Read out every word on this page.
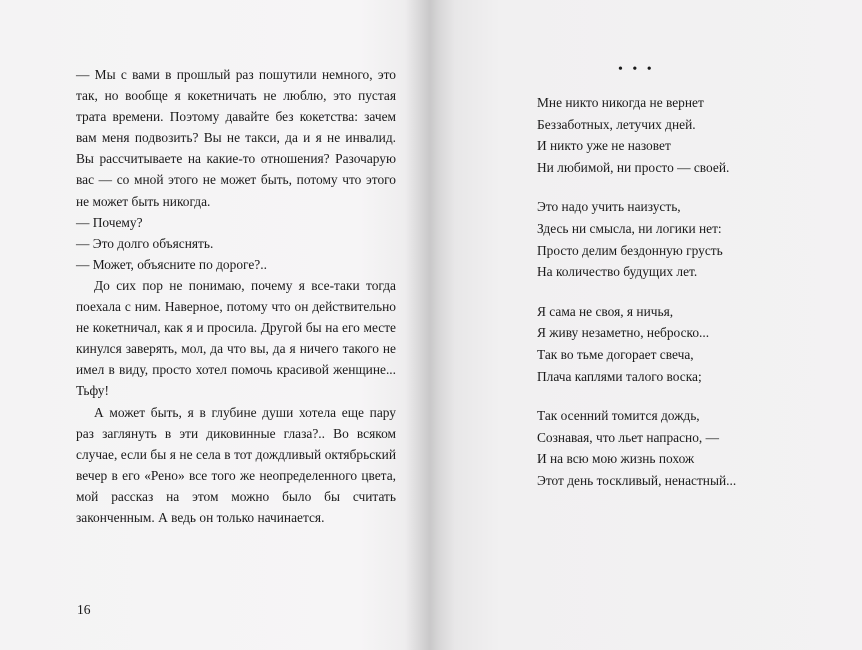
— Мы с вами в прошлый раз пошутили немного, это так, но вообще я кокетничать не люблю, это пустая трата времени. Поэтому давайте без кокетства: зачем вам меня подвозить? Вы не такси, да и я не инвалид. Вы рассчитываете на какие-то отношения? Разочарую вас — со мной этого не может быть, потому что этого не может быть никогда.

— Почему?

— Это долго объяснять.

— Может, объясните по дороге?..

До сих пор не понимаю, почему я все-таки тогда поехала с ним. Наверное, потому что он действительно не кокетничал, как я и просила. Другой бы на его месте кинулся заверять, мол, да что вы, да я ничего такого не имел в виду, просто хотел помочь красивой женщине... Тьфу!

А может быть, я в глубине души хотела еще пару раз заглянуть в эти диковинные глаза?.. Во всяком случае, если бы я не села в тот дождливый октябрьский вечер в его «Рено» все того же неопределенного цвета, мой рассказ на этом можно было бы считать законченным. А ведь он только начинается.

16

• • •

Мне никто никогда не вернет

Беззаботных, летучих дней.

И никто уже не назовет

Ни любимой, ни просто — своей.

Это надо учить наизусть,

Здесь ни смысла, ни логики нет:

Просто делим бездонную грусть

На количество будущих лет.

Я сама не своя, я ничья,

Я живу незаметно, неброско...

Так во тьме догорает свеча,

Плача каплями талого воска;

Так осенний томится дождь,

Сознавая, что льет напрасно, —

И на всю мою жизнь похож

Этот день тоскливый, ненастный...
